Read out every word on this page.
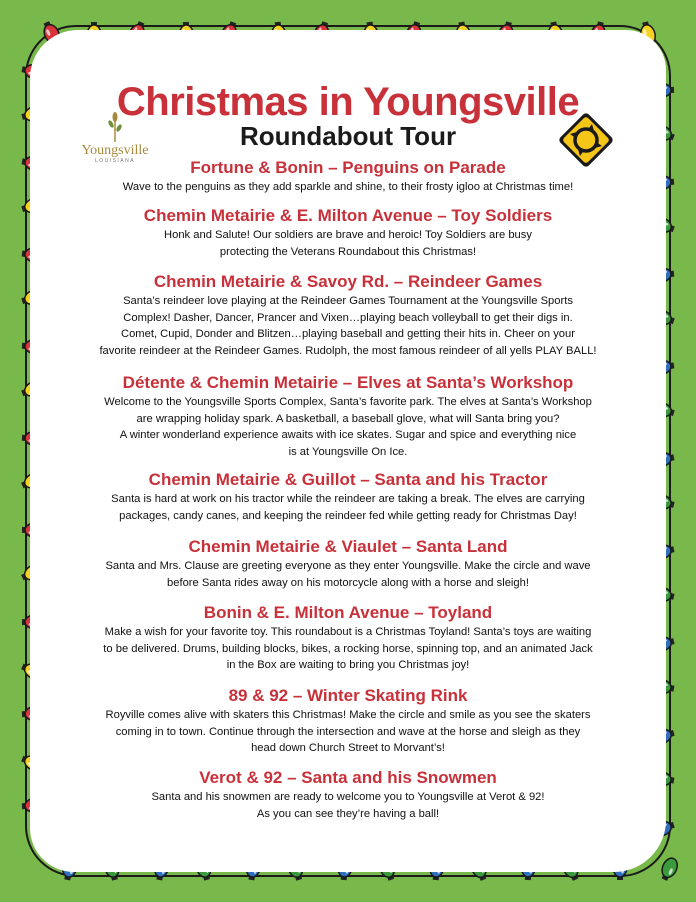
Youngsville
LOUISIANA
Christmas in Youngsville
Roundabout Tour
Fortune & Bonin – Penguins on Parade

Wave to the penguins as they add sparkle and shine, to their frosty igloo at Christmas time!

Chemin Metairie & E. Milton Avenue – Toy Soldiers

Honk and Salute! Our soldiers are brave and heroic! Toy Soldiers are busy

protecting the Veterans Roundabout this Christmas!

Chemin Metairie & Savoy Rd. – Reindeer Games

Santa’s reindeer love playing at the Reindeer Games Tournament at the Youngsville Sports

Complex! Dasher, Dancer, Prancer and Vixen…playing beach volleyball to get their digs in.

Comet, Cupid, Donder and Blitzen…playing baseball and getting their hits in. Cheer on your

favorite reindeer at the Reindeer Games. Rudolph, the most famous reindeer of all yells PLAY BALL!

Détente & Chemin Metairie – Elves at Santa’s Workshop

Welcome to the Youngsville Sports Complex, Santa’s favorite park. The elves at Santa’s Workshop

are wrapping holiday spark. A basketball, a baseball glove, what will Santa bring you?

A winter wonderland experience awaits with ice skates. Sugar and spice and everything nice

is at Youngsville On Ice.

Chemin Metairie & Guillot – Santa and his Tractor

Santa is hard at work on his tractor while the reindeer are taking a break. The elves are carrying

packages, candy canes, and keeping the reindeer fed while getting ready for Christmas Day!

Chemin Metairie & Viaulet – Santa Land

Santa and Mrs. Clause are greeting everyone as they enter Youngsville. Make the circle and wave

before Santa rides away on his motorcycle along with a horse and sleigh!

Bonin & E. Milton Avenue – Toyland

Make a wish for your favorite toy. This roundabout is a Christmas Toyland! Santa’s toys are waiting

to be delivered. Drums, building blocks, bikes, a rocking horse, spinning top, and an animated Jack

in the Box are waiting to bring you Christmas joy!

89 & 92 – Winter Skating Rink

Royville comes alive with skaters this Christmas! Make the circle and smile as you see the skaters

coming in to town. Continue through the intersection and wave at the horse and sleigh as they

head down Church Street to Morvant’s!

Verot & 92 – Santa and his Snowmen

Santa and his snowmen are ready to welcome you to Youngsville at Verot & 92!

As you can see they’re having a ball!
